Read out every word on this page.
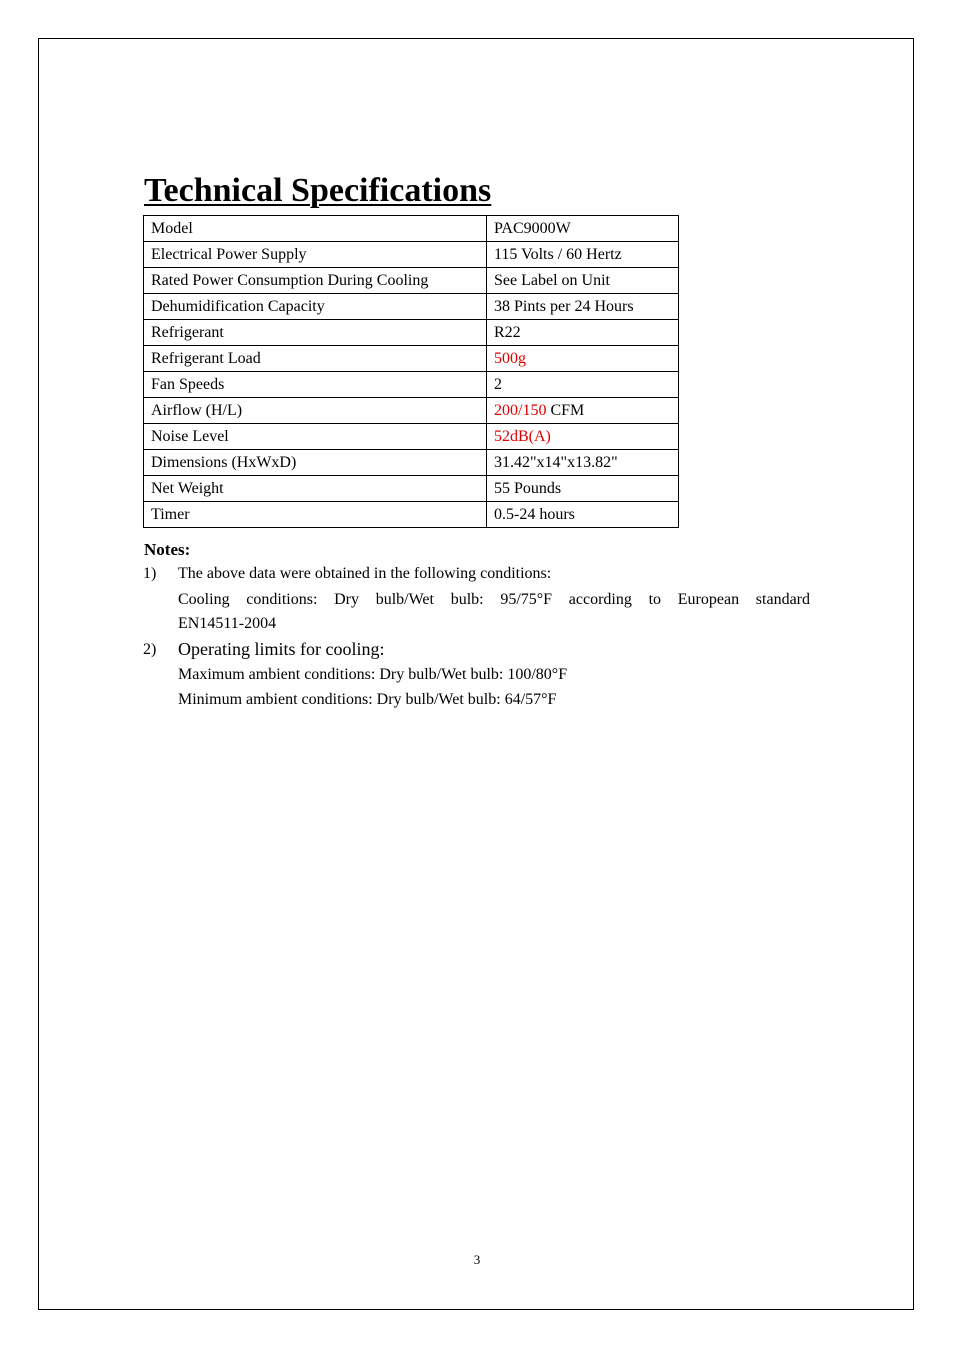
Technical Specifications
Model	PAC9000W
Electrical Power Supply	115 Volts / 60 Hertz
Rated Power Consumption During Cooling	See Label on Unit
Dehumidification Capacity	38 Pints per 24 Hours
Refrigerant	R22
Refrigerant Load	500g
Fan Speeds	2
Airflow (H/L)	200/150 CFM
Noise Level	52dB(A)
Dimensions (HxWxD)	31.42"x14"x13.82"
Net Weight	55 Pounds
Timer	0.5-24 hours
Notes:
1) The above data were obtained in the following conditions:
Cooling conditions: Dry bulb/Wet bulb: 95/75°F according to European standard
EN14511-2004
2) Operating limits for cooling:
Maximum ambient conditions: Dry bulb/Wet bulb: 100/80°F
Minimum ambient conditions: Dry bulb/Wet bulb: 64/57°F
3
